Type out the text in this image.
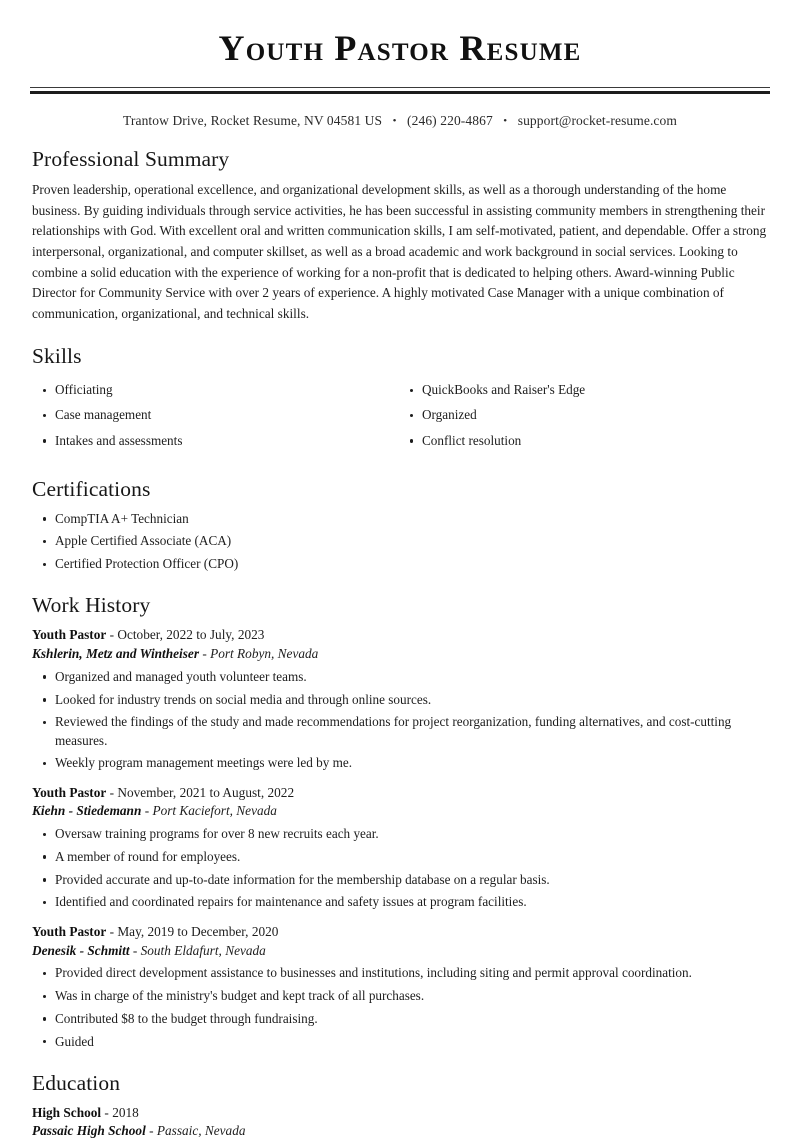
Youth Pastor Resume
Trantow Drive, Rocket Resume, NV 04581 US • (246) 220-4867 • support@rocket-resume.com
Professional Summary

Proven leadership, operational excellence, and organizational development skills, as well as a thorough understanding of the home business. By guiding individuals through service activities, he has been successful in assisting community members in strengthening their relationships with God. With excellent oral and written communication skills, I am self-motivated, patient, and dependable. Offer a strong interpersonal, organizational, and computer skillset, as well as a broad academic and work background in social services. Looking to combine a solid education with the experience of working for a non-profit that is dedicated to helping others. Award-winning Public Director for Community Service with over 2 years of experience. A highly motivated Case Manager with a unique combination of communication, organizational, and technical skills.

Skills
Officiating
Case management
Intakes and assessments
QuickBooks and Raiser's Edge
Organized
Conflict resolution
Certifications
CompTIA A+ Technician
Apple Certified Associate (ACA)
Certified Protection Officer (CPO)
Work History
Youth Pastor - October, 2022 to July, 2023
Kshlerin, Metz and Wintheiser - Port Robyn, Nevada
Organized and managed youth volunteer teams.
Looked for industry trends on social media and through online sources.
Reviewed the findings of the study and made recommendations for project reorganization, funding alternatives, and cost-cutting measures.
Weekly program management meetings were led by me.
Youth Pastor - November, 2021 to August, 2022
Kiehn - Stiedemann - Port Kaciefort, Nevada
Oversaw training programs for over 8 new recruits each year.
A member of round for employees.
Provided accurate and up-to-date information for the membership database on a regular basis.
Identified and coordinated repairs for maintenance and safety issues at program facilities.
Youth Pastor - May, 2019 to December, 2020
Denesik - Schmitt - South Eldafurt, Nevada
Provided direct development assistance to businesses and institutions, including siting and permit approval coordination.
Was in charge of the ministry's budget and kept track of all purchases.
Contributed $8 to the budget through fundraising.
Guided
Education
High School - 2018
Passaic High School - Passaic, Nevada
